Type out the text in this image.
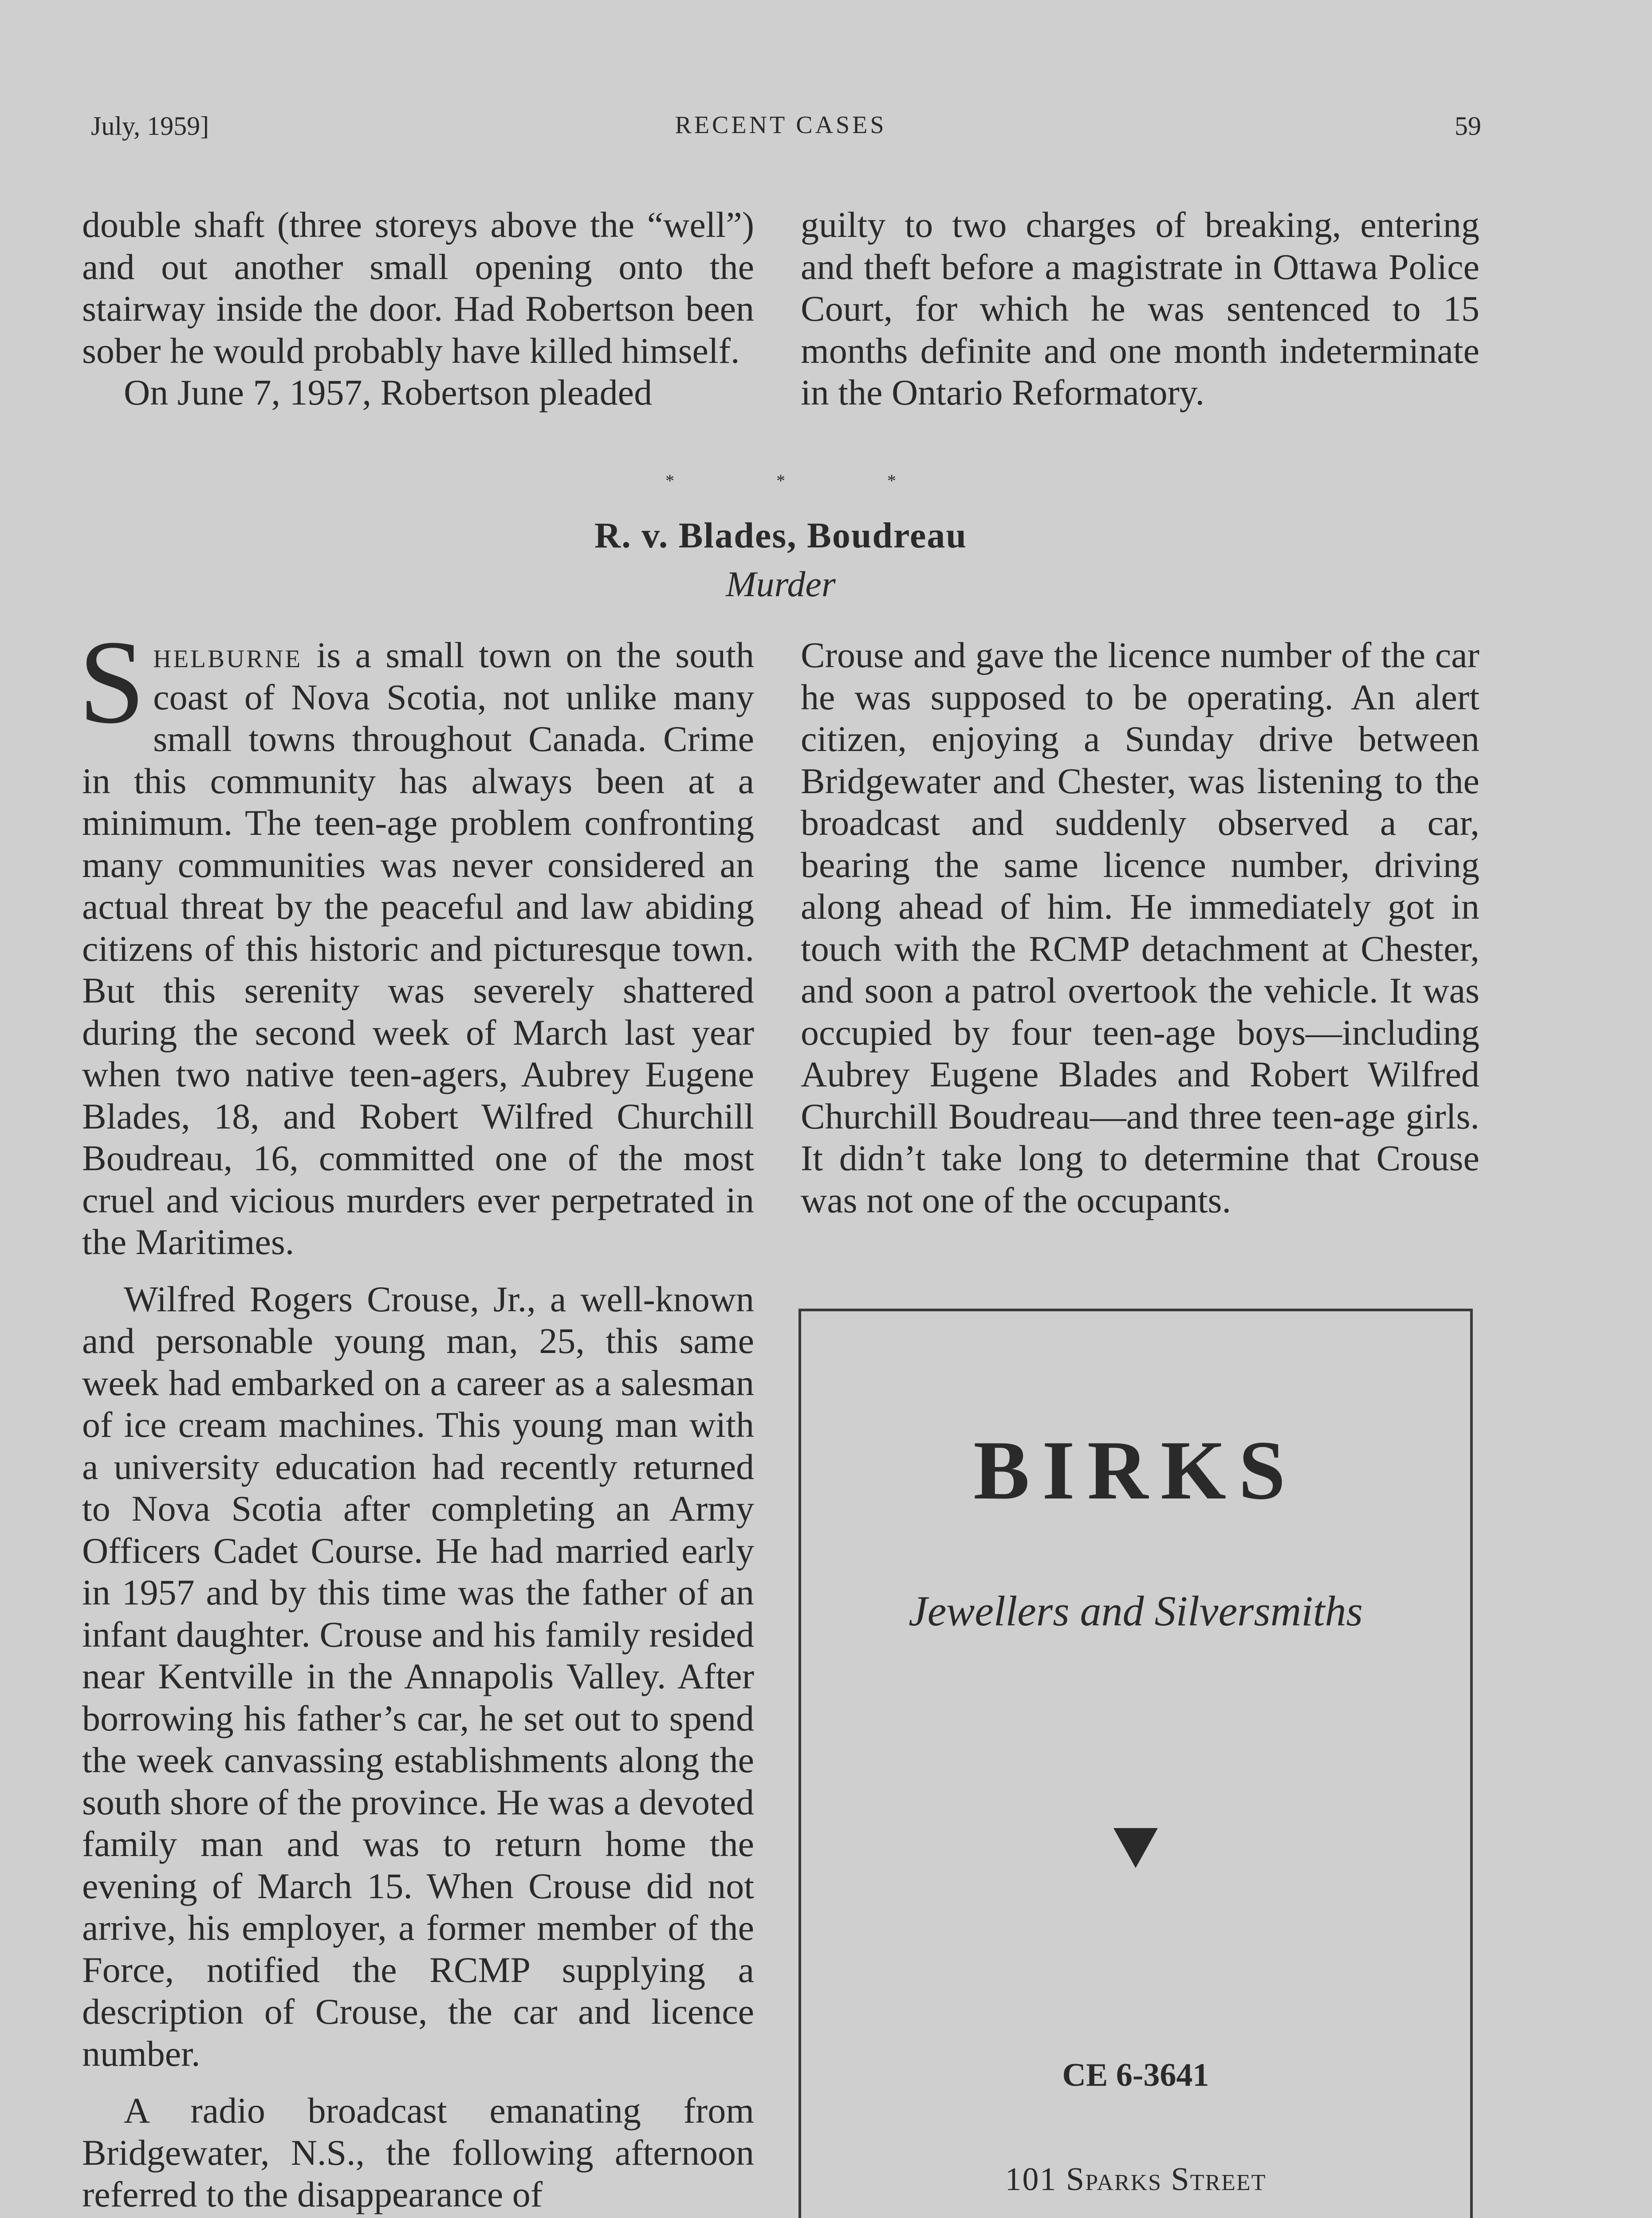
July, 1959]	RECENT CASES	59

double shaft (three storeys above the “well”) and out another small opening onto the stairway inside the door. Had Robertson been sober he would probably have killed himself.

On June 7, 1957, Robertson pleaded

guilty to two charges of breaking, entering and theft before a magistrate in Ottawa Police Court, for which he was sentenced to 15 months definite and one month indeterminate in the Ontario Reformatory.

*	*	*
R. v. Blades, Boudreau
Murder

Shelburne is a small town on the south coast of Nova Scotia, not unlike many small towns throughout Canada. Crime in this community has always been at a minimum. The teen-age problem confronting many communities was never considered an actual threat by the peaceful and law abiding citizens of this historic and picturesque town. But this serenity was severely shattered during the second week of March last year when two native teen-agers, Aubrey Eugene Blades, 18, and Robert Wilfred Churchill Boudreau, 16, committed one of the most cruel and vicious murders ever perpetrated in the Maritimes.

Wilfred Rogers Crouse, Jr., a well-known and personable young man, 25, this same week had embarked on a career as a salesman of ice cream machines. This young man with a university education had recently returned to Nova Scotia after completing an Army Officers Cadet Course. He had married early in 1957 and by this time was the father of an infant daughter. Crouse and his family resided near Kentville in the Annapolis Valley. After borrowing his father’s car, he set out to spend the week canvassing establishments along the south shore of the province. He was a devoted family man and was to return home the evening of March 15. When Crouse did not arrive, his employer, a former member of the Force, notified the RCMP supplying a description of Crouse, the car and licence number.

A radio broadcast emanating from Bridgewater, N.S., the following afternoon referred to the disappearance of

Crouse and gave the licence number of the car he was supposed to be operating. An alert citizen, enjoying a Sunday drive between Bridgewater and Chester, was listening to the broadcast and suddenly observed a car, bearing the same licence number, driving along ahead of him. He immediately got in touch with the RCMP detachment at Chester, and soon a patrol overtook the vehicle. It was occupied by four teen-age boys—including Aubrey Eugene Blades and Robert Wilfred Churchill Boudreau—and three teen-age girls. It didn’t take long to determine that Crouse was not one of the occupants.

BIRKS
Jewellers and Silversmiths
CE 6-3641
101 Sparks Street
